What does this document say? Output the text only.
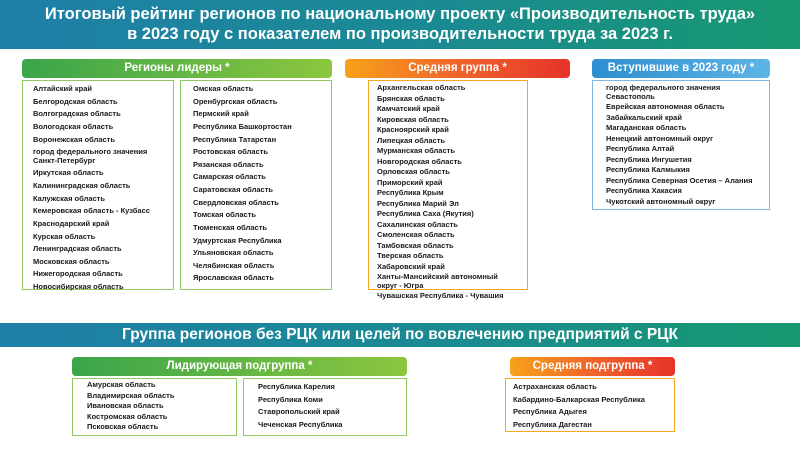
Итоговый рейтинг регионов по национальному проекту «Производительность труда»
в 2023 году с показателем по производительности труда за 2023 г.
Регионы лидеры *
Алтайский край
Белгородская область
Волгоградская область
Вологодская область
Воронежская область
город федерального значения Санкт-Петербург
Иркутская область
Калининградская область
Калужская область
Кемеровская область - Кузбасс
Краснодарский край
Курская область
Ленинградская область
Московская область
Нижегородская область
Новосибирская область
Омская область
Оренбургская область
Пермский край
Республика Башкортостан
Республика Татарстан
Ростовская область
Рязанская область
Самарская область
Саратовская область
Свердловская область
Томская область
Тюменская область
Удмуртская Республика
Ульяновская область
Челябинская область
Ярославская область
Средняя группа *
Архангельская область
Брянская область
Камчатский край
Кировская область
Красноярский край
Липецкая область
Мурманская область
Новгородская область
Орловская область
Приморский край
Республика Крым
Республика Марий Эл
Республика Саха (Якутия)
Сахалинская область
Смоленская область
Тамбовская область
Тверская область
Хабаровский край
Ханты-Мансийский автономный округ - Югра
Чувашская Республика - Чувашия
Вступившие в 2023 году *
город федерального значения Севастополь
Еврейская автономная область
Забайкальский край
Магаданская область
Ненецкий автономный округ
Республика Алтай
Республика Ингушетия
Республика Калмыкия
Республика Северная Осетия – Алания
Республика Хакасия
Чукотский автономный округ
Группа регионов без РЦК или целей по вовлечению предприятий с РЦК
Лидирующая подгруппа *
Амурская область
Владимирская область
Ивановская область
Костромская область
Псковская область
Республика Карелия
Республика Коми
Ставропольский край
Чеченская Республика
Средняя подгруппа *
Астраханская область
Кабардино-Балкарская Республика
Республика Адыгея
Республика Дагестан
